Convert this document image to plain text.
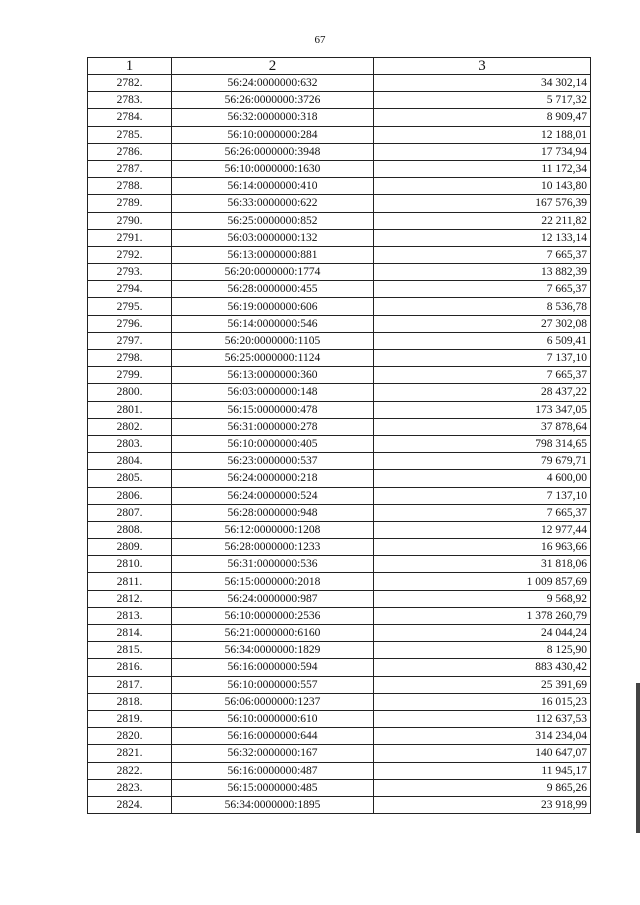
67
1	2	3
2782.	56:24:0000000:632	34 302,14
2783.	56:26:0000000:3726	5 717,32
2784.	56:32:0000000:318	8 909,47
2785.	56:10:0000000:284	12 188,01
2786.	56:26:0000000:3948	17 734,94
2787.	56:10:0000000:1630	11 172,34
2788.	56:14:0000000:410	10 143,80
2789.	56:33:0000000:622	167 576,39
2790.	56:25:0000000:852	22 211,82
2791.	56:03:0000000:132	12 133,14
2792.	56:13:0000000:881	7 665,37
2793.	56:20:0000000:1774	13 882,39
2794.	56:28:0000000:455	7 665,37
2795.	56:19:0000000:606	8 536,78
2796.	56:14:0000000:546	27 302,08
2797.	56:20:0000000:1105	6 509,41
2798.	56:25:0000000:1124	7 137,10
2799.	56:13:0000000:360	7 665,37
2800.	56:03:0000000:148	28 437,22
2801.	56:15:0000000:478	173 347,05
2802.	56:31:0000000:278	37 878,64
2803.	56:10:0000000:405	798 314,65
2804.	56:23:0000000:537	79 679,71
2805.	56:24:0000000:218	4 600,00
2806.	56:24:0000000:524	7 137,10
2807.	56:28:0000000:948	7 665,37
2808.	56:12:0000000:1208	12 977,44
2809.	56:28:0000000:1233	16 963,66
2810.	56:31:0000000:536	31 818,06
2811.	56:15:0000000:2018	1 009 857,69
2812.	56:24:0000000:987	9 568,92
2813.	56:10:0000000:2536	1 378 260,79
2814.	56:21:0000000:6160	24 044,24
2815.	56:34:0000000:1829	8 125,90
2816.	56:16:0000000:594	883 430,42
2817.	56:10:0000000:557	25 391,69
2818.	56:06:0000000:1237	16 015,23
2819.	56:10:0000000:610	112 637,53
2820.	56:16:0000000:644	314 234,04
2821.	56:32:0000000:167	140 647,07
2822.	56:16:0000000:487	11 945,17
2823.	56:15:0000000:485	9 865,26
2824.	56:34:0000000:1895	23 918,99
